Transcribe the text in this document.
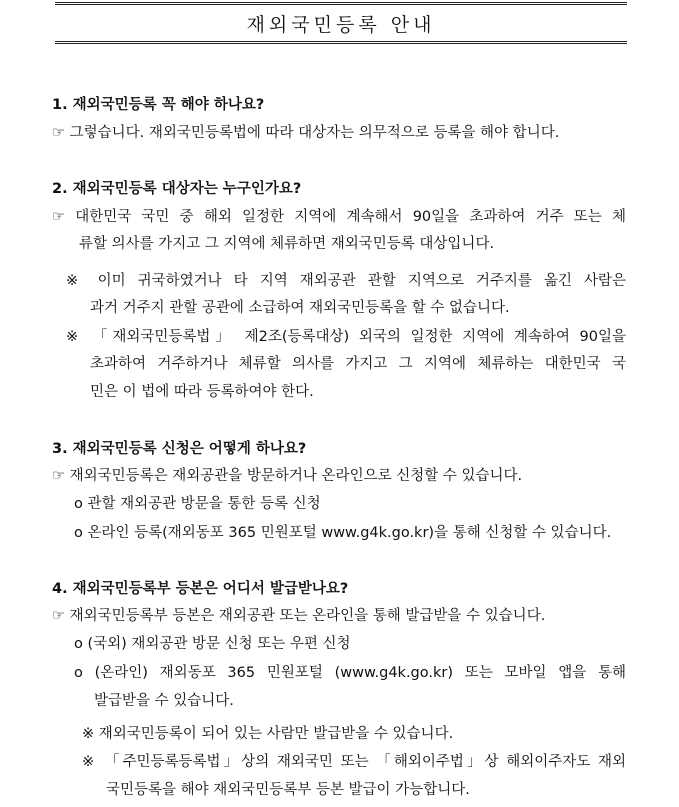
재외국민등록 안내
1. 재외국민등록 꼭 해야 하나요?
☞ 그렇습니다. 재외국민등록법에 따라 대상자는 의무적으로 등록을 해야 합니다.
2. 재외국민등록 대상자는 누구인가요?
☞ 대한민국 국민 중 해외 일정한 지역에 계속해서 90일을 초과하여 거주 또는 체
류할 의사를 가지고 그 지역에 체류하면 재외국민등록 대상입니다.
※ 이미 귀국하였거나 타 지역 재외공관 관할 지역으로 거주지를 옮긴 사람은
과거 거주지 관할 공관에 소급하여 재외국민등록을 할 수 없습니다.
※ 「재외국민등록법」 제2조(등록대상) 외국의 일정한 지역에 계속하여 90일을
초과하여 거주하거나 체류할 의사를 가지고 그 지역에 체류하는 대한민국 국
민은 이 법에 따라 등록하여야 한다.
3. 재외국민등록 신청은 어떻게 하나요?
☞ 재외국민등록은 재외공관을 방문하거나 온라인으로 신청할 수 있습니다.
o 관할 재외공관 방문을 통한 등록 신청
o 온라인 등록(재외동포 365 민원포털 www.g4k.go.kr)을 통해 신청할 수 있습니다.
4. 재외국민등록부 등본은 어디서 발급받나요?
☞ 재외국민등록부 등본은 재외공관 또는 온라인을 통해 발급받을 수 있습니다.
o (국외) 재외공관 방문 신청 또는 우편 신청
o (온라인) 재외동포 365 민원포털 (www.g4k.go.kr) 또는 모바일 앱을 통해
발급받을 수 있습니다.
※ 재외국민등록이 되어 있는 사람만 발급받을 수 있습니다.
※ 「주민등록등록법」상의 재외국민 또는 「해외이주법」상 해외이주자도 재외
국민등록을 해야 재외국민등록부 등본 발급이 가능합니다.
